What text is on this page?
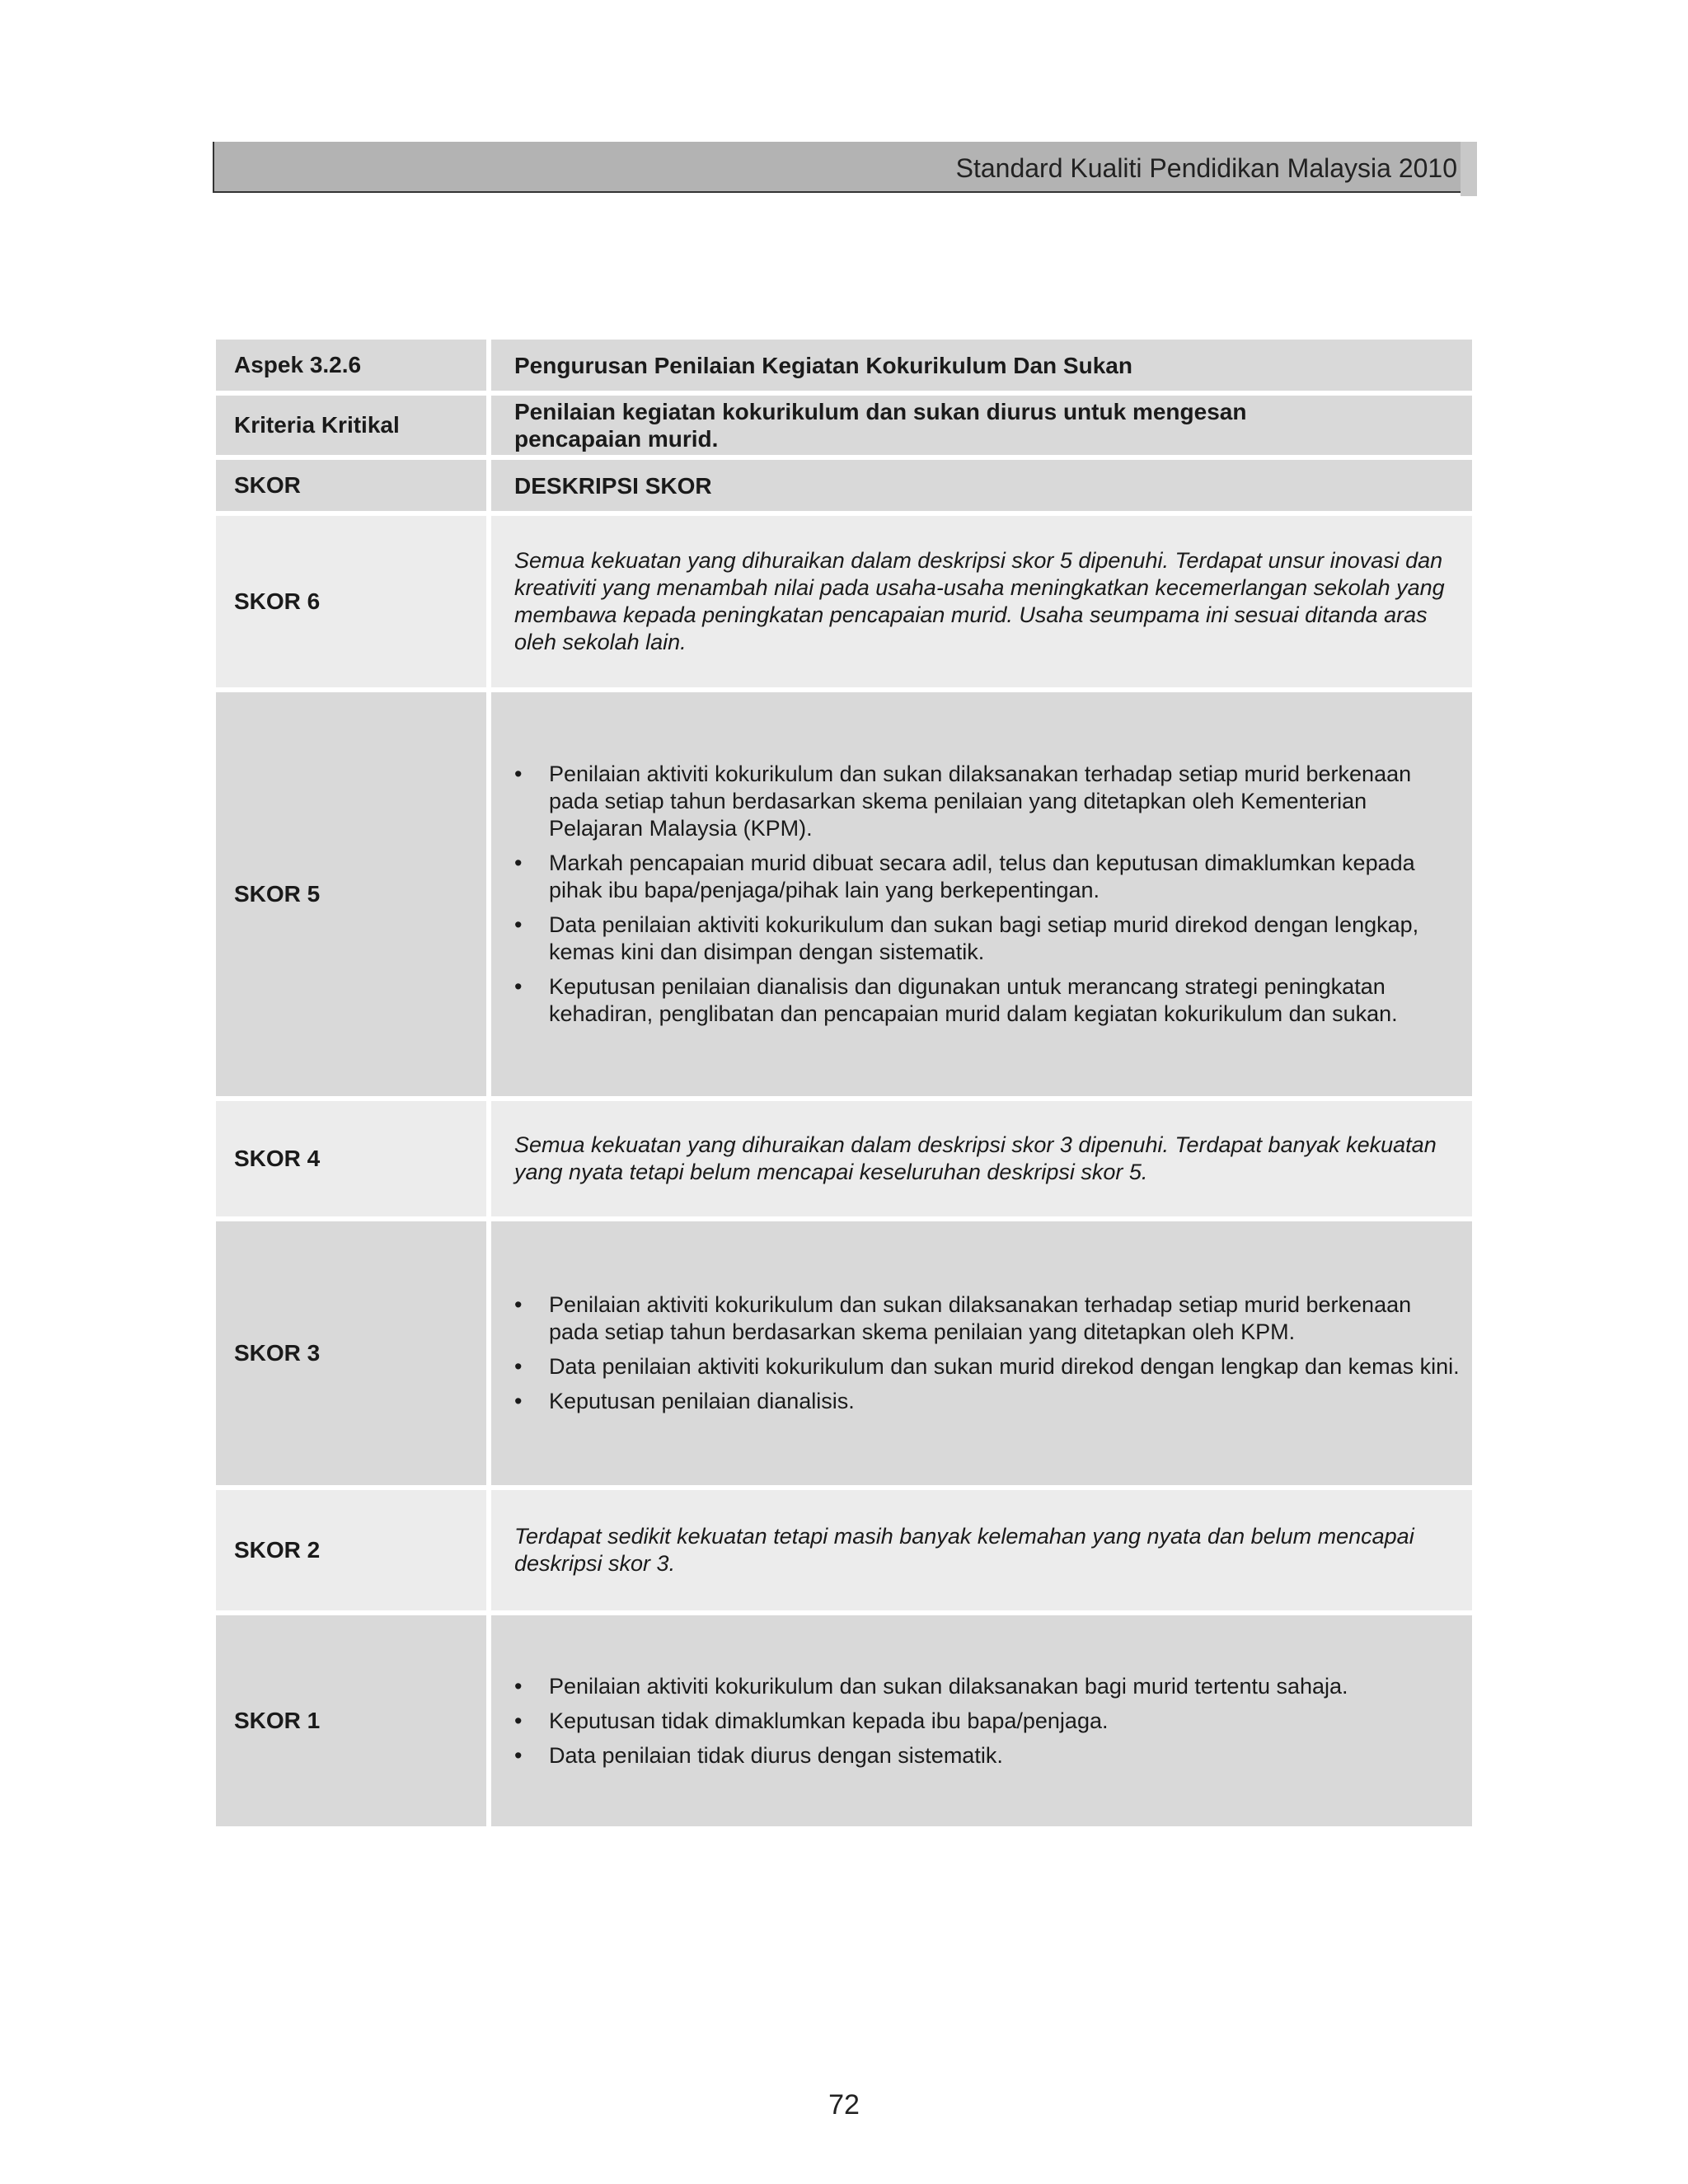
Standard Kualiti Pendidikan Malaysia 2010
Aspek 3.2.6	Pengurusan Penilaian Kegiatan Kokurikulum Dan Sukan
Kriteria Kritikal
Penilaian kegiatan kokurikulum dan sukan diurus untuk mengesan pencapaian murid.
SKOR	DESKRIPSI SKOR
SKOR 6
Semua kekuatan yang dihuraikan dalam deskripsi skor 5 dipenuhi. Terdapat unsur inovasi dan kreativiti yang menambah nilai pada usaha-usaha meningkatkan kecemerlangan sekolah yang membawa kepada peningkatan pencapaian murid. Usaha seumpama ini sesuai ditanda aras oleh sekolah lain.
SKOR 5
• Penilaian aktiviti kokurikulum dan sukan dilaksanakan terhadap setiap murid berkenaan pada setiap tahun berdasarkan skema penilaian yang ditetapkan oleh Kementerian Pelajaran Malaysia (KPM).
• Markah pencapaian murid dibuat secara adil, telus dan keputusan dimaklumkan kepada pihak ibu bapa/penjaga/pihak lain yang berkepentingan.
• Data penilaian aktiviti kokurikulum dan sukan bagi setiap murid direkod dengan lengkap, kemas kini dan disimpan dengan sistematik.
• Keputusan penilaian dianalisis dan digunakan untuk merancang strategi peningkatan kehadiran, penglibatan dan pencapaian murid dalam kegiatan kokurikulum dan sukan.
SKOR 4
Semua kekuatan yang dihuraikan dalam deskripsi skor 3 dipenuhi. Terdapat banyak kekuatan yang nyata tetapi belum mencapai keseluruhan deskripsi skor 5.
SKOR 3
• Penilaian aktiviti kokurikulum dan sukan dilaksanakan terhadap setiap murid berkenaan pada setiap tahun berdasarkan skema penilaian yang ditetapkan oleh KPM.
• Data penilaian aktiviti kokurikulum dan sukan murid direkod dengan lengkap dan kemas kini.
• Keputusan penilaian dianalisis.
SKOR 2
Terdapat sedikit kekuatan tetapi masih banyak kelemahan yang nyata dan belum mencapai deskripsi skor 3.
SKOR 1
• Penilaian aktiviti kokurikulum dan sukan dilaksanakan bagi murid tertentu sahaja.
• Keputusan tidak dimaklumkan kepada ibu bapa/penjaga.
• Data penilaian tidak diurus dengan sistematik.
72
